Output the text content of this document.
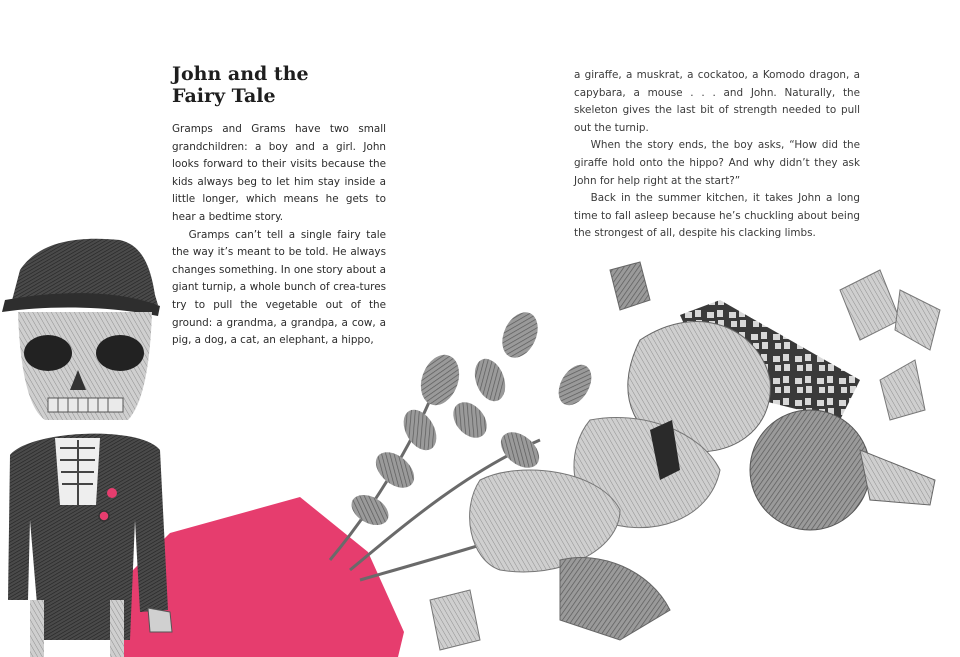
John and the
Fairy Tale

Gramps and Grams have two small grandchildren: a boy and a girl. John looks forward to their visits because the kids always beg to let him stay inside a little longer, which means he gets to hear a bedtime story.

Gramps can’t tell a single fairy tale the way it’s meant to be told. He always changes something. In one story about a giant turnip, a whole bunch of crea-tures try to pull the vegetable out of the ground: a grandma, a grandpa, a cow, a pig, a dog, a cat, an elephant, a hippo,

a giraffe, a muskrat, a cockatoo, a Komodo dragon, a capybara, a mouse . . . and John. Naturally, the skeleton gives the last bit of strength needed to pull out the turnip.

When the story ends, the boy asks, “How did the giraffe hold onto the hippo? And why didn’t they ask John for help right at the start?”

Back in the summer kitchen, it takes John a long time to fall asleep because he’s chuckling about being the strongest of all, despite his clacking limbs.
